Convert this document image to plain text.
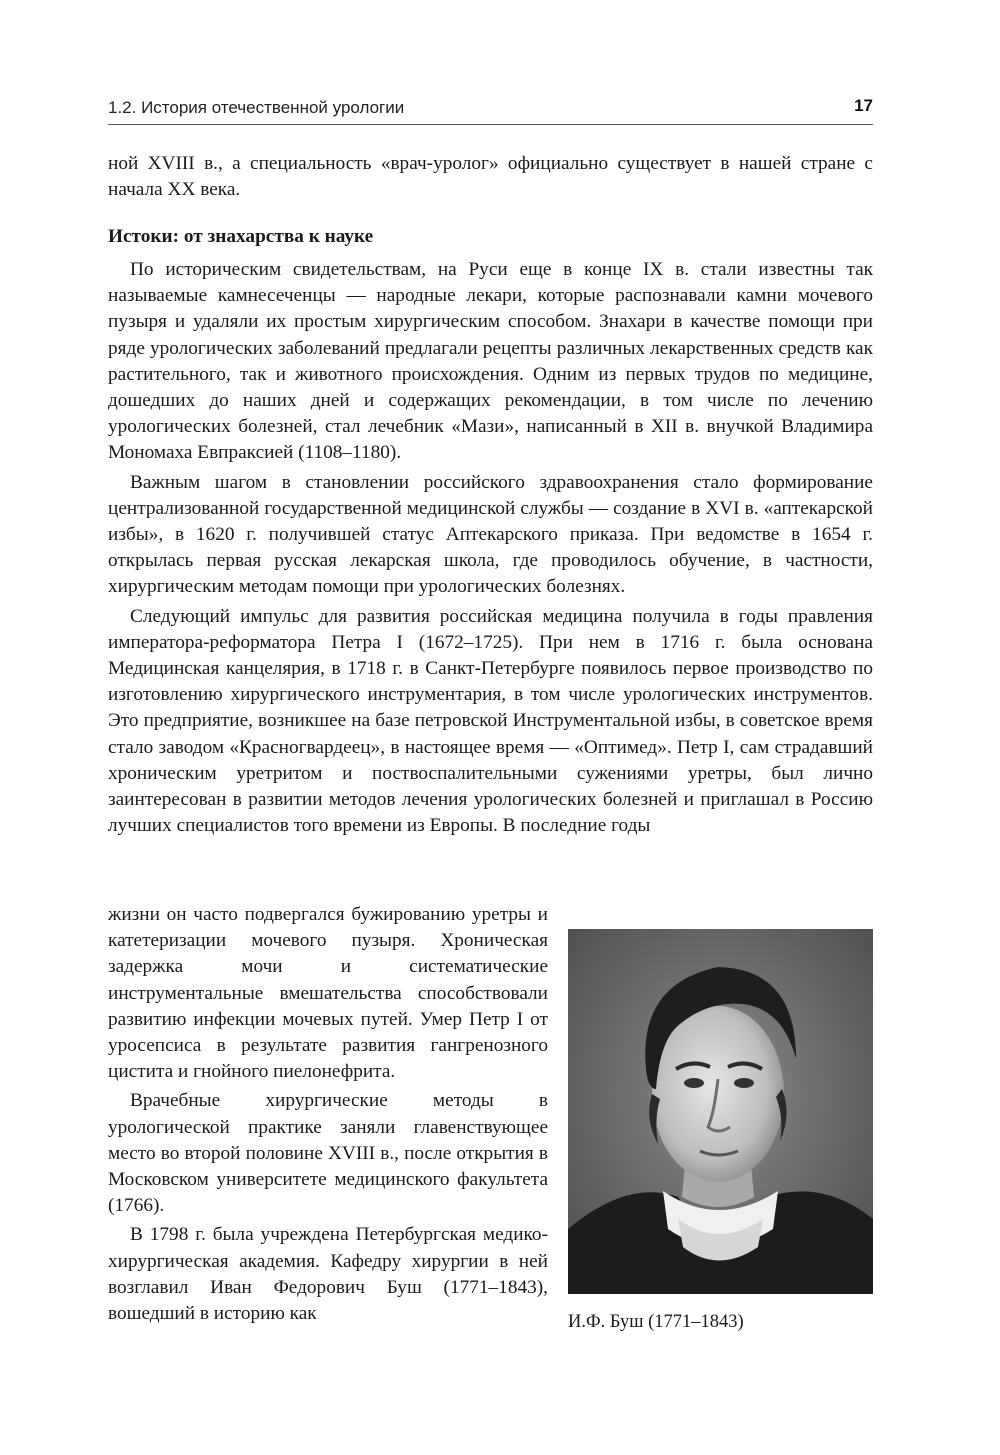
1.2. История отечественной урологии	17

ной XVIII в., а специальность «врач-уролог» официально существует в нашей стране с начала XX века.

Истоки: от знахарства к науке

По историческим свидетельствам, на Руси еще в конце IX в. стали известны так называемые камнесеченцы — народные лекари, которые распознавали камни мочевого пузыря и удаляли их простым хирургическим способом. Знахари в качестве помощи при ряде урологических заболеваний предлагали рецепты различных лекарственных средств как растительного, так и животного происхождения. Одним из первых трудов по медицине, дошедших до наших дней и содержащих рекомендации, в том числе по лечению урологических болезней, стал лечебник «Мази», написанный в XII в. внучкой Владимира Мономаха Евпраксией (1108–1180).

Важным шагом в становлении российского здравоохранения стало формирование централизованной государственной медицинской службы — создание в XVI в. «аптекарской избы», в 1620 г. получившей статус Аптекарского приказа. При ведомстве в 1654 г. открылась первая русская лекарская школа, где проводилось обучение, в частности, хирургическим методам помощи при урологических болезнях.

Следующий импульс для развития российская медицина получила в годы правления императора-реформатора Петра I (1672–1725). При нем в 1716 г. была основана Медицинская канцелярия, в 1718 г. в Санкт-Петербурге появилось первое производство по изготовлению хирургического инструментария, в том числе урологических инструментов. Это предприятие, возникшее на базе петровской Инструментальной избы, в советское время стало заводом «Красногвардеец», в настоящее время — «Оптимед». Петр I, сам страдавший хроническим уретритом и поствоспалительными сужениями уретры, был лично заинтересован в развитии методов лечения урологических болезней и приглашал в Россию лучших специалистов того времени из Европы. В последние годы

жизни он часто подвергался бужированию уретры и катетеризации мочевого пузыря. Хроническая задержка мочи и систематические инструментальные вмешательства способствовали развитию инфекции мочевых путей. Умер Петр I от уросепсиса в результате развития гангренозного цистита и гнойного пиелонефрита.

Врачебные хирургические методы в урологической практике заняли главенствующее место во второй половине XVIII в., после открытия в Московском университете медицинского факультета (1766).

В 1798 г. была учреждена Петербургская медико-хирургическая академия. Кафедру хирургии в ней возглавил Иван Федорович Буш (1771–1843), вошедший в историю как	И.Ф. Буш (1771–1843)
